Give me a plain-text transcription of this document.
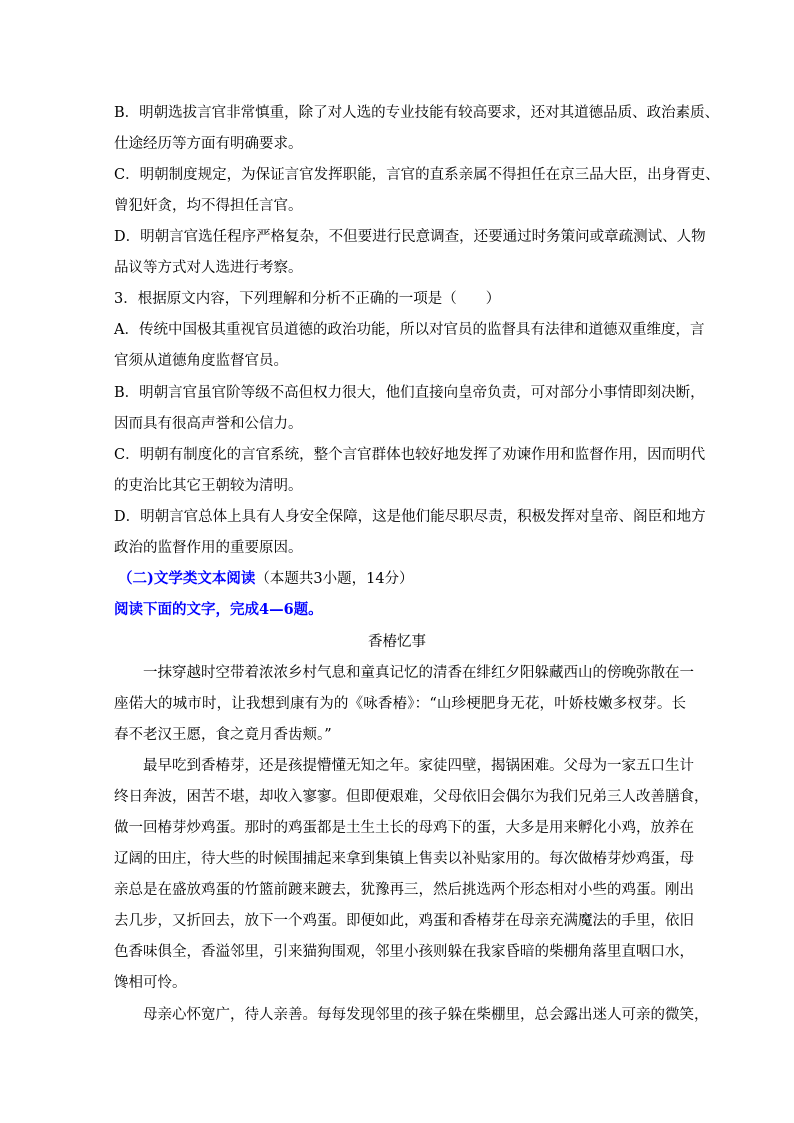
B．明朝选拔言官非常慎重，除了对人选的专业技能有较高要求，还对其道德品质、政治素质、
仕途经历等方面有明确要求。
C．明朝制度规定，为保证言官发挥职能，言官的直系亲属不得担任在京三品大臣，出身胥吏、
曾犯奸贪，均不得担任言官。
D．明朝言官选任程序严格复杂，不但要进行民意调查，还要通过时务策问或章疏测试、人物
品议等方式对人选进行考察。
3．根据原文内容，下列理解和分析不正确的一项是（　　）
A．传统中国极其重视官员道德的政治功能，所以对官员的监督具有法律和道德双重维度，言
官须从道德角度监督官员。
B．明朝言官虽官阶等级不高但权力很大，他们直接向皇帝负责，可对部分小事情即刻决断，
因而具有很高声誉和公信力。
C．明朝有制度化的言官系统，整个言官群体也较好地发挥了劝谏作用和监督作用，因而明代
的吏治比其它王朝较为清明。
D．明朝言官总体上具有人身安全保障，这是他们能尽职尽责，积极发挥对皇帝、阁臣和地方
政治的监督作用的重要原因。
（二)文学类文本阅读（本题共3小题，14分）
阅读下面的文字，完成4—6题。
香椿忆事
一抹穿越时空带着浓浓乡村气息和童真记忆的清香在绯红夕阳躲藏西山的傍晚弥散在一
座偌大的城市时，让我想到康有为的《咏香椿》：“山珍梗肥身无花，叶娇枝嫩多杈芽。长
春不老汉王愿，食之竟月香齿颊。”
最早吃到香椿芽，还是孩提懵懂无知之年。家徒四壁，揭锅困难。父母为一家五口生计
终日奔波，困苦不堪，却收入寥寥。但即便艰难，父母依旧会偶尔为我们兄弟三人改善膳食，
做一回椿芽炒鸡蛋。那时的鸡蛋都是土生土长的母鸡下的蛋，大多是用来孵化小鸡，放养在
辽阔的田庄，待大些的时候围捕起来拿到集镇上售卖以补贴家用的。每次做椿芽炒鸡蛋，母
亲总是在盛放鸡蛋的竹篮前踱来踱去，犹豫再三，然后挑选两个形态相对小些的鸡蛋。刚出
去几步，又折回去，放下一个鸡蛋。即便如此，鸡蛋和香椿芽在母亲充满魔法的手里，依旧
色香味俱全，香溢邻里，引来猫狗围观，邻里小孩则躲在我家昏暗的柴棚角落里直咽口水，
馋相可怜。
母亲心怀宽广，待人亲善。每每发现邻里的孩子躲在柴棚里，总会露出迷人可亲的微笑，
